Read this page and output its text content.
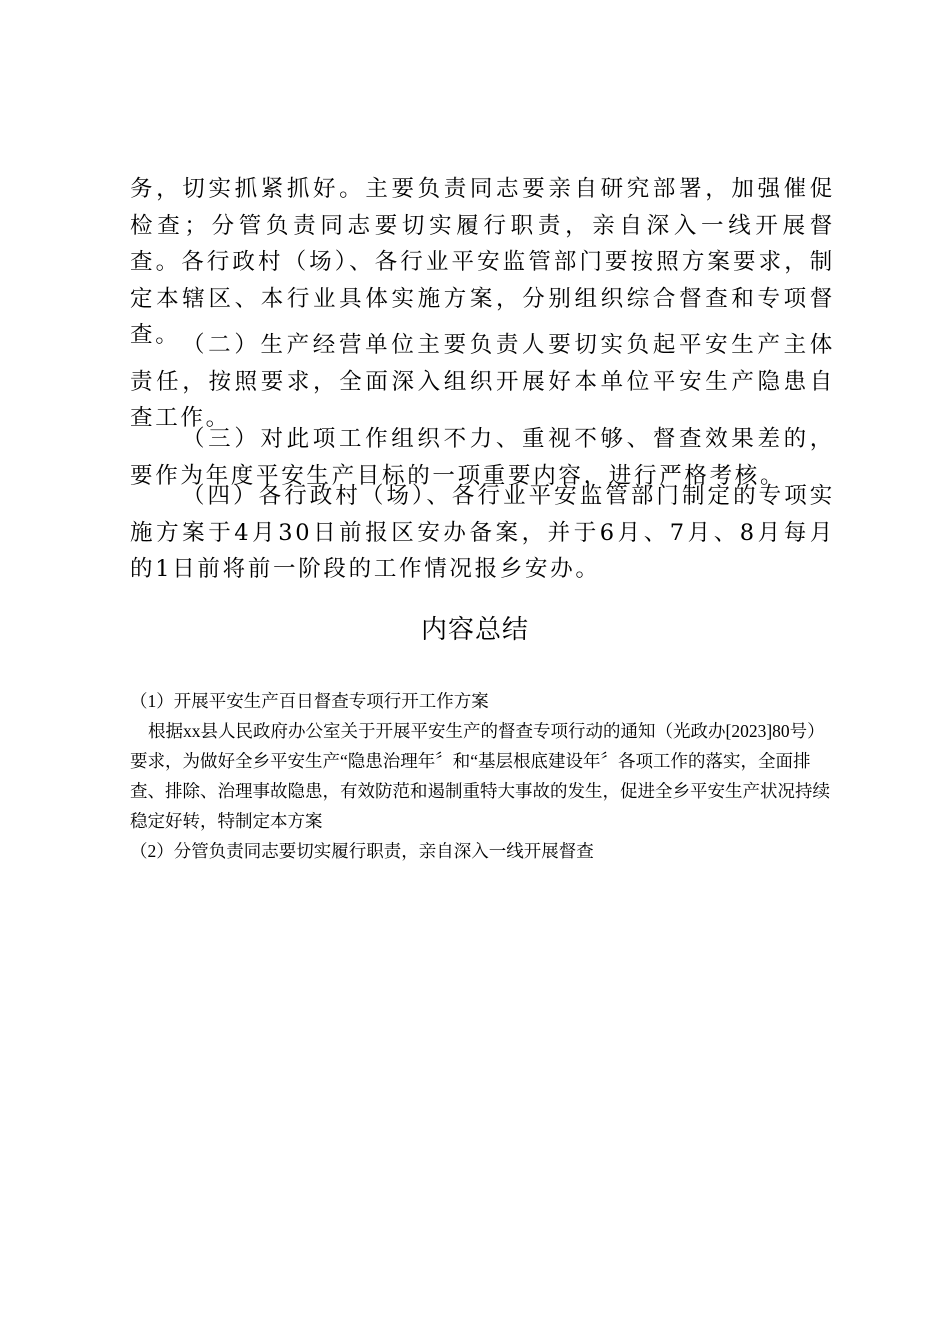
务，切实抓紧抓好。主要负责同志要亲自研究部署，加强催促检查；分管负责同志要切实履行职责，亲自深入一线开展督查。各行政村（场）、各行业平安监管部门要按照方案要求，制定本辖区、本行业具体实施方案，分别组织综合督查和专项督查。 （二）生产经营单位主要负责人要切实负起平安生产主体责任，按照要求，全面深入组织开展好本单位平安生产隐患自查工作。

（三）对此项工作组织不力、重视不够、督查效果差的，要作为年度平安生产目标的一项重要内容，进行严格考核。

（四）各行政村（场）、各行业平安监管部门制定的专项实施方案于4月30日前报区安办备案，并于6月、7月、8月每月的1日前将前一阶段的工作情况报乡安办。

内容总结

（1）开展平安生产百日督查专项行开工作方案

根据xx县人民政府办公室关于开展平安生产的督查专项行动的通知（光政办[2023]80号）要求，为做好全乡平安生产“隐患治理年〞和“基层根底建设年〞各项工作的落实，全面排查、排除、治理事故隐患，有效防范和遏制重特大事故的发生，促进全乡平安生产状况持续稳定好转，特制定本方案

（2）分管负责同志要切实履行职责，亲自深入一线开展督查
